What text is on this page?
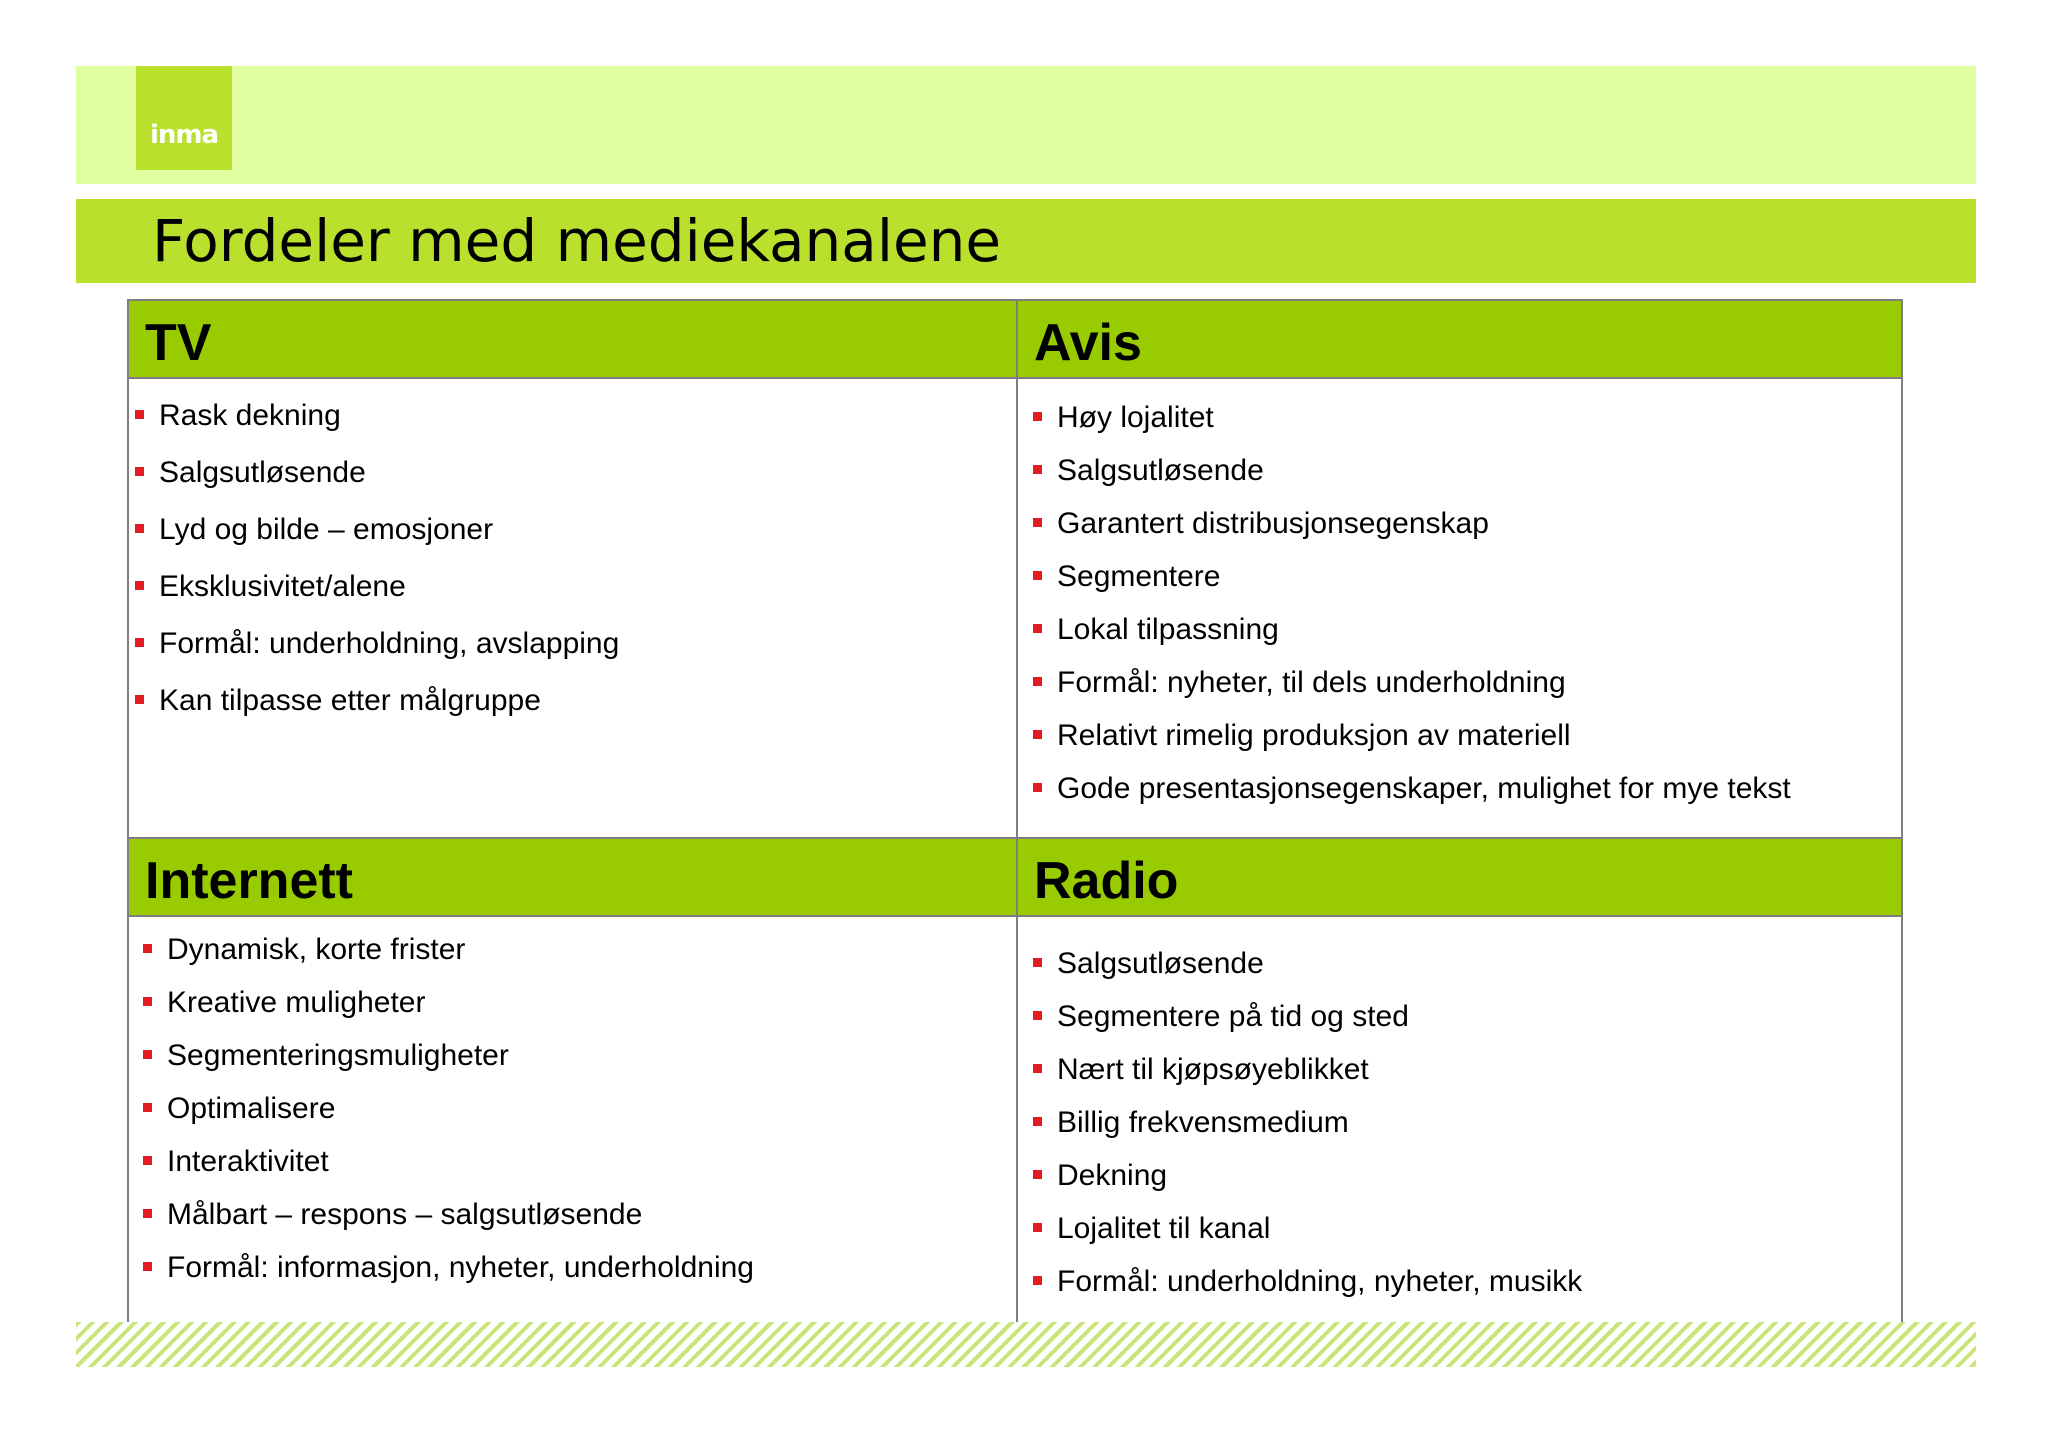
inma
Fordeler med mediekanalene
TV
Rask dekning
Salgsutløsende
Lyd og bilde – emosjoner
Eksklusivitet/alene
Formål: underholdning, avslapping
Kan tilpasse etter målgruppe
Avis
Høy lojalitet
Salgsutløsende
Garantert distribusjonsegenskap
Segmentere
Lokal tilpassning
Formål: nyheter, til dels underholdning
Relativt rimelig produksjon av materiell
Gode presentasjonsegenskaper, mulighet for mye tekst
Internett
Dynamisk, korte frister
Kreative muligheter
Segmenteringsmuligheter
Optimalisere
Interaktivitet
Målbart – respons – salgsutløsende
Formål: informasjon, nyheter, underholdning
Radio
Salgsutløsende
Segmentere på tid og sted
Nært til kjøpsøyeblikket
Billig frekvensmedium
Dekning
Lojalitet til kanal
Formål: underholdning, nyheter, musikk
